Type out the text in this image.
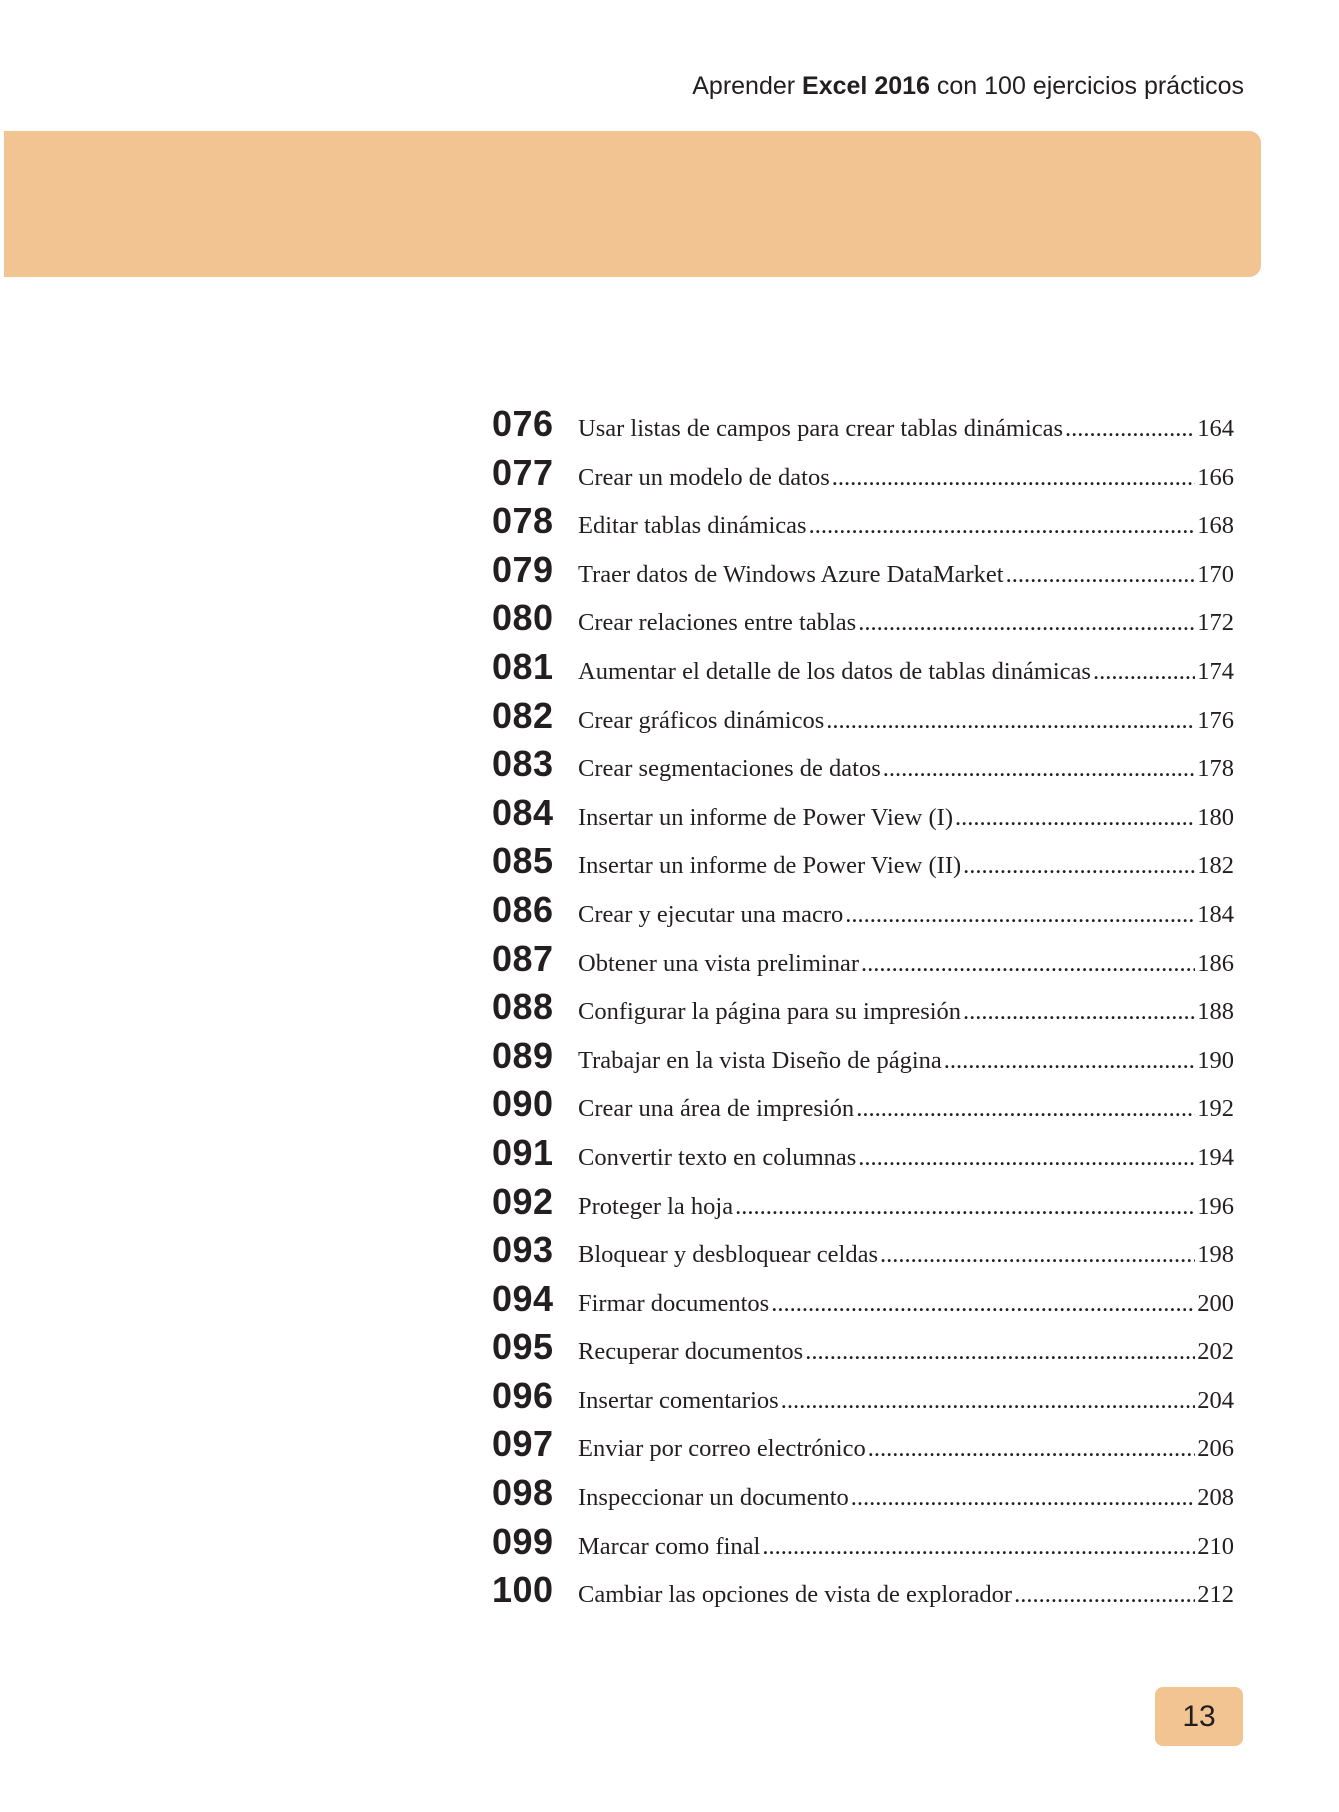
Aprender Excel 2016 con 100 ejercicios prácticos
076 Usar listas de campos para crear tablas dinámicas .....	164
077 Crear un modelo de datos .....	166
078 Editar tablas dinámicas .....	168
079 Traer datos de Windows Azure DataMarket .....	170
080 Crear relaciones entre tablas .....	172
081 Aumentar el detalle de los datos de tablas dinámicas .....	174
082 Crear gráficos dinámicos .....	176
083 Crear segmentaciones de datos .....	178
084 Insertar un informe de Power View (I) .....	180
085 Insertar un informe de Power View (II) .....	182
086 Crear y ejecutar una macro .....	184
087 Obtener una vista preliminar .....	186
088 Configurar la página para su impresión .....	188
089 Trabajar en la vista Diseño de página .....	190
090 Crear una área de impresión .....	192
091 Convertir texto en columnas .....	194
092 Proteger la hoja .....	196
093 Bloquear y desbloquear celdas .....	198
094 Firmar documentos .....	200
095 Recuperar documentos .....	202
096 Insertar comentarios .....	204
097 Enviar por correo electrónico .....	206
098 Inspeccionar un documento .....	208
099 Marcar como final .....	210
100 Cambiar las opciones de vista de explorador .....	212
13
